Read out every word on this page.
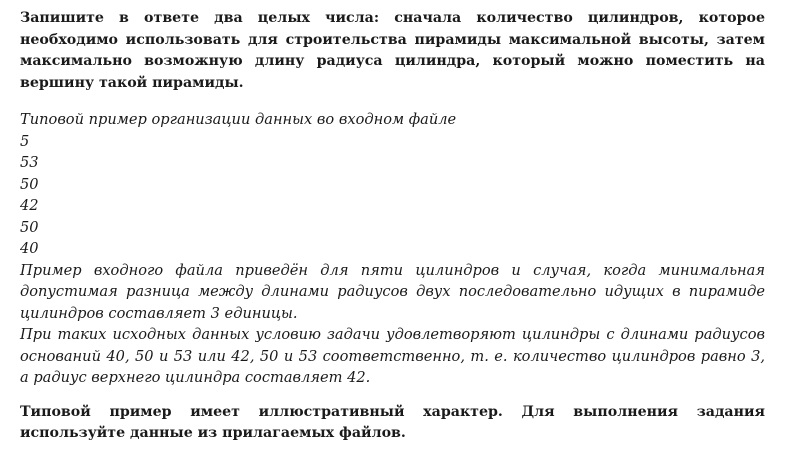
Запишите в ответе два целых числа: сначала количество цилиндров, которое необходимо использовать для строительства пирамиды максимальной высоты, затем максимально возможную длину радиуса цилиндра, который можно поместить на вершину такой пирамиды.

Типовой пример организации данных во входном файле

5
53
50
42
50
40

Пример входного файла приведён для пяти цилиндров и случая, когда минимальная допустимая разница между длинами радиусов двух последовательно идущих в пирамиде цилиндров составляет 3 единицы.

При таких исходных данных условию задачи удовлетворяют цилиндры с длинами радиусов оснований 40, 50 и 53 или 42, 50 и 53 соответственно, т. е. количество цилиндров равно 3, а радиус верхнего цилиндра составляет 42.

Типовой пример имеет иллюстративный характер. Для выполнения задания используйте данные из прилагаемых файлов.
